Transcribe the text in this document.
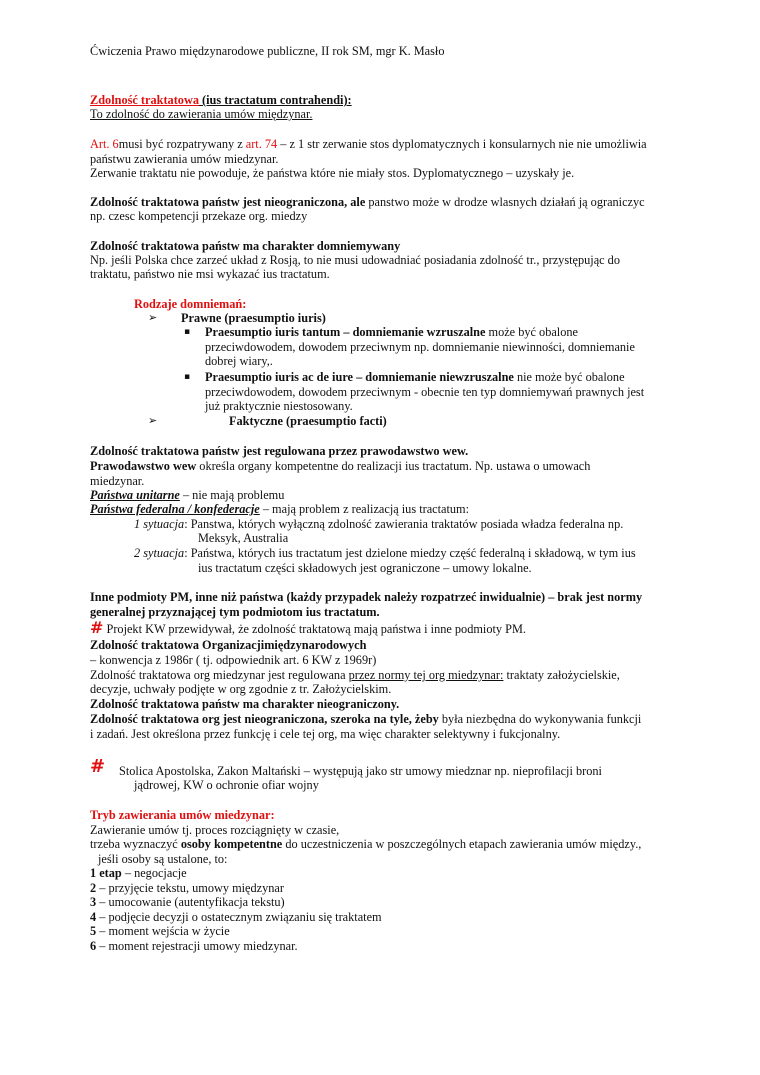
Ćwiczenia Prawo międzynarodowe publiczne, II rok SM, mgr K. Masło
Zdolność traktatowa (ius tractatum contrahendi):
To zdolność do zawierania umów międzynar.
Art. 6musi być rozpatrywany z art. 74 – z 1 str zerwanie stos dyplomatycznych i konsularnych nie nie umożliwia
państwu zawierania umów miedzynar.
Zerwanie traktatu nie powoduje, że państwa które nie miały stos. Dyplomatycznego – uzyskały je.
Zdolność traktatowa państw jest nieograniczona, ale panstwo może w drodze wlasnych działań ją ograniczyc
np. czesc kompetencji przekaze org. miedzy
Zdolność traktatowa państw ma charakter domniemywany
Np. jeśli Polska chce zarzeć układ z Rosją, to nie musi udowadniać posiadania zdolność tr., przystępując do
traktatu, państwo nie msi wykazać ius tractatum.
Rodzaje domniemań:
➢ Prawne (praesumptio iuris)
▪ Praesumptio iuris tantum – domniemanie wzruszalne może być obalone
przeciwdowodem, dowodem przeciwnym np. domniemanie niewinności, domniemanie
dobrej wiary,.
▪ Praesumptio iuris ac de iure – domniemanie niewzruszalne nie może być obalone
przeciwdowodem, dowodem przeciwnym - obecnie ten typ domniemywań prawnych jest
już praktycznie niestosowany.
➢	Faktyczne (praesumptio facti)
Zdolność traktatowa państw jest regulowana przez prawodawstwo wew.
Prawodawstwo wew określa organy kompetentne do realizacji ius tractatum. Np. ustawa o umowach
miedzynar.
Państwa unitarne – nie mają problemu
Państwa federalna / konfederacje – mają problem z realizacją ius tractatum:
1 sytuacja: Panstwa, których wyłączną zdolność zawierania traktatów posiada władza federalna np.
Meksyk, Australia
2 sytuacja: Państwa, których ius tractatum jest dzielone miedzy część federalną i składową, w tym ius
ius tractatum części składowych jest ograniczone – umowy lokalne.
Inne podmioty PM, inne niż państwa (każdy przypadek należy rozpatrzeć inwidualnie) – brak jest normy
generalnej przyznającej tym podmiotom ius tractatum.
# Projekt KW przewidywał, że zdolność traktatową mają państwa i inne podmioty PM.
Zdolność traktatowa Organizacjimiędzynarodowych
– konwencja z 1986r ( tj. odpowiednik art. 6 KW z 1969r)
Zdolność traktatowa org miedzynar jest regulowana przez normy tej org miedzynar: traktaty założycielskie,
decyzje, uchwały podjęte w org zgodnie z tr. Założycielskim.
Zdolność traktatowa państw ma charakter nieograniczony.
Zdolność traktatowa org jest nieograniczona, szeroka na tyle, żeby była niezbędna do wykonywania funkcji
i zadań. Jest określona przez funkcję i cele tej org, ma więc charakter selektywny i fukcjonalny.
# Stolica Apostolska, Zakon Maltański – występują jako str umowy miedznar np. nieprofilacji broni
jądrowej, KW o ochronie ofiar wojny
Tryb zawierania umów miedzynar:
Zawieranie umów tj. proces rozciągnięty w czasie,
trzeba wyznaczyć osoby kompetentne do uczestniczenia w poszczególnych etapach zawierania umów między.,
jeśli osoby są ustalone, to:
1 etap – negocjacje
2 – przyjęcie tekstu, umowy międzynar
3 – umocowanie (autentyfikacja tekstu)
4 – podjęcie decyzji o ostatecznym związaniu się traktatem
5 – moment wejścia w życie
6 – moment rejestracji umowy miedzynar.
